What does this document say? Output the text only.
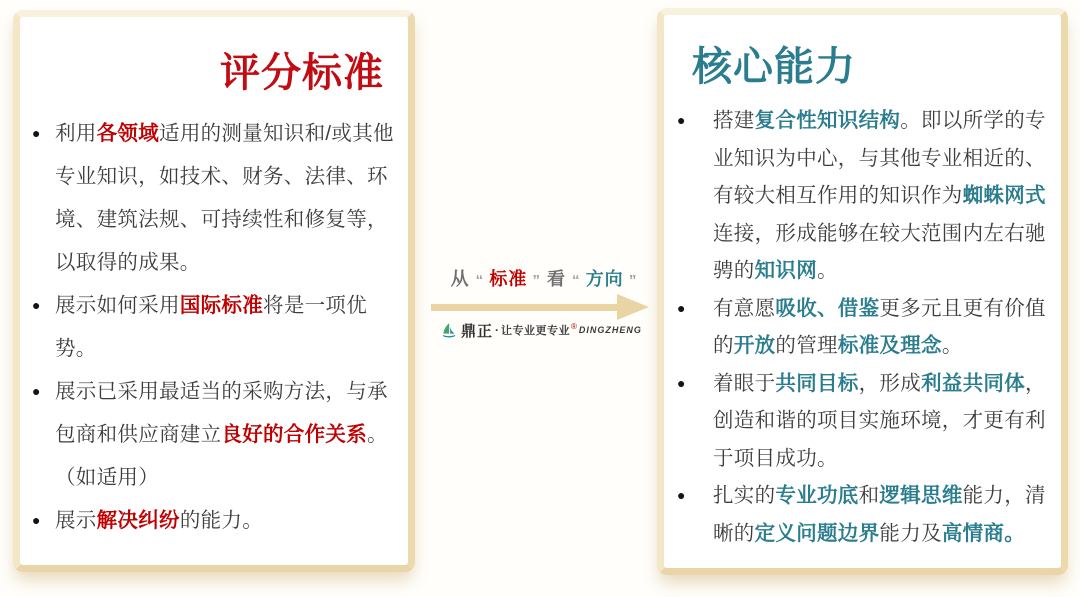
评分标准
● 利用各领域适用的测量知识和/或其他专业知识，如技术、财务、法律、环境、建筑法规、可持续性和修复等，以取得的成果。
● 展示如何采用国际标准将是一项优势。
● 展示已采用最适当的采购方法，与承包商和供应商建立良好的合作关系。　（如适用）
● 展示解决纠纷的能力。
从 “ 标准 ” 看 “ 方向 ”
鼎正 · 让专业更专业 ® DINGZHENG
核心能力
●	搭建复合性知识结构。即以所学的专业知识为中心，与其他专业相近的、有较大相互作用的知识作为蜘蛛网式连接，形成能够在较大范围内左右驰骋的知识网。
●	有意愿吸收、借鉴更多元且更有价值的开放的管理标准及理念。
●	着眼于共同目标，形成利益共同体，创造和谐的项目实施环境，才更有利于项目成功。
●	扎实的专业功底和逻辑思维能力，清晰的定义问题边界能力及高情商。
